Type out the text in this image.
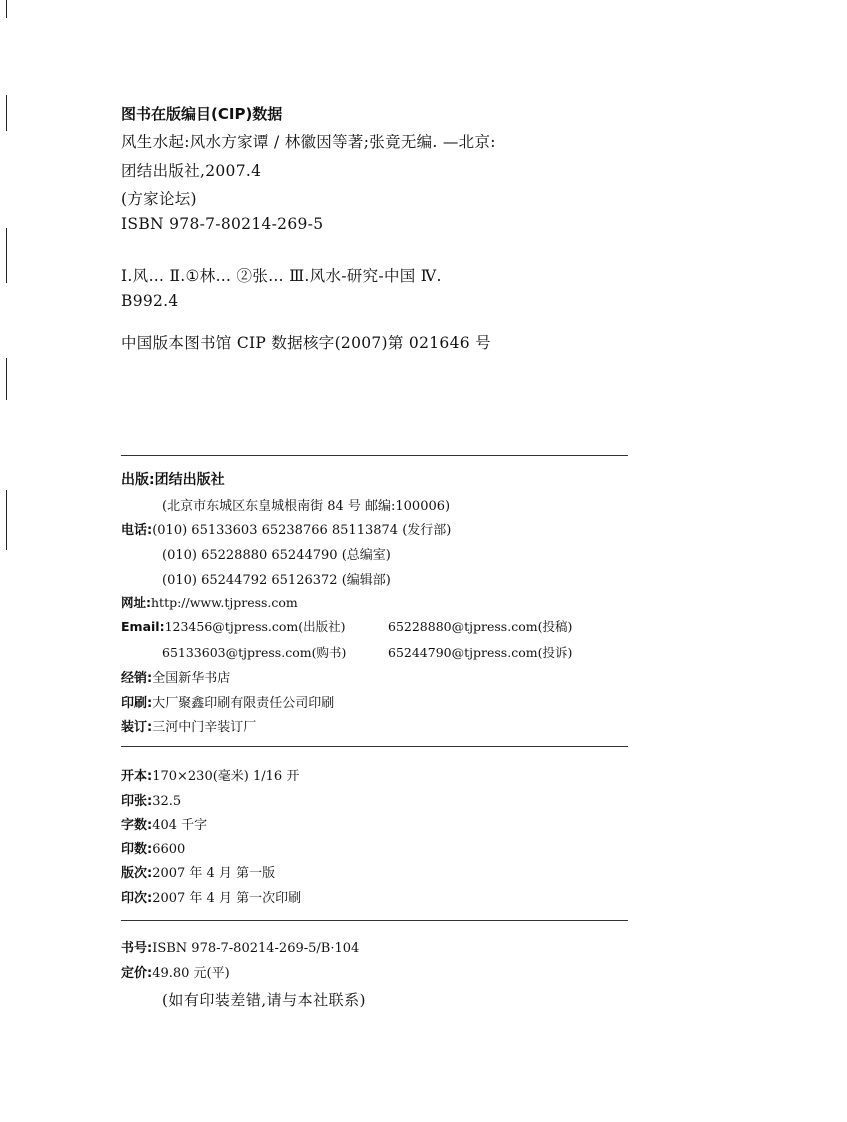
图书在版编目(CIP)数据
风生水起:风水方家谭 / 林徽因等著;张竟无编. —北京:
团结出版社,2007.4
(方家论坛)
ISBN 978-7-80214-269-5
Ⅰ.风… Ⅱ.①林… ②张… Ⅲ.风水-研究-中国 Ⅳ.
B992.4
中国版本图书馆 CIP 数据核字(2007)第 021646 号
出版:团结出版社
(北京市东城区东皇城根南街 84 号 邮编:100006)
电话:(010) 65133603 65238766 85113874 (发行部)
(010) 65228880 65244790 (总编室)
(010) 65244792 65126372 (编辑部)
网址:http://www.tjpress.com
Email:123456@tjpress.com(出版社)	65228880@tjpress.com(投稿)
65133603@tjpress.com(购书)	65244790@tjpress.com(投诉)
经销:全国新华书店
印刷:大厂聚鑫印刷有限责任公司印刷
装订:三河中门辛装订厂
开本:170×230(毫米) 1/16 开
印张:32.5
字数:404 千字
印数:6600
版次:2007 年 4 月 第一版
印次:2007 年 4 月 第一次印刷
书号:ISBN 978-7-80214-269-5/B·104
定价:49.80 元(平)
(如有印装差错,请与本社联系)
